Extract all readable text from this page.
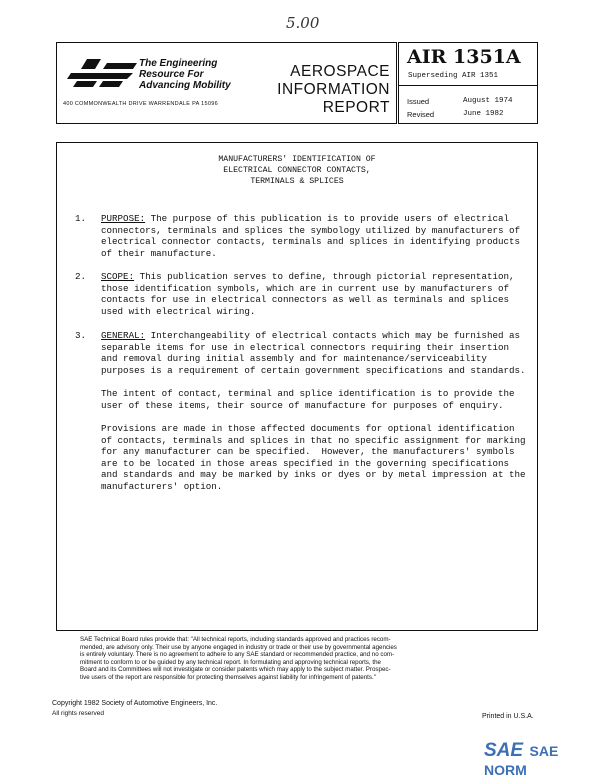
5.00
The Engineering
Resource For
Advancing Mobility
400 COMMONWEALTH DRIVE WARRENDALE PA 15096
AEROSPACE
INFORMATION
REPORT
AIR 1351A
Superseding AIR 1351
Issued	August 1974
Revised	June 1982
MANUFACTURERS' IDENTIFICATION OF
ELECTRICAL CONNECTOR CONTACTS,
TERMINALS & SPLICES
1. PURPOSE: The purpose of this publication is to provide users of electrical
connectors, terminals and splices the symbology utilized by manufacturers of
electrical connector contacts, terminals and splices in identifying products
of their manufacture.
2. SCOPE: This publication serves to define, through pictorial representation,
those identification symbols, which are in current use by manufacturers of
contacts for use in electrical connectors as well as terminals and splices
used with electrical wiring.
3. GENERAL: Interchangeability of electrical contacts which may be furnished as
separable items for use in electrical connectors requiring their insertion
and removal during initial assembly and for maintenance/serviceability
purposes is a requirement of certain government specifications and standards.
The intent of contact, terminal and splice identification is to provide the
user of these items, their source of manufacture for purposes of enquiry.
Provisions are made in those affected documents for optional identification
of contacts, terminals and splices in that no specific assignment for marking
for any manufacturer can be specified.  However, the manufacturers' symbols
are to be located in those areas specified in the governing specifications
and standards and may be marked by inks or dyes or by metal impression at the
manufacturers' option.
SAE Technical Board rules provide that: "All technical reports, including standards approved and practices recom-
mended, are advisory only. Their use by anyone engaged in industry or trade or their use by governmental agencies
is entirely voluntary. There is no agreement to adhere to any SAE standard or recommended practice, and no com-
mitment to conform to or be guided by any technical report. In formulating and approving technical reports, the
Board and its Committees will not investigate or consider patents which may apply to the subject matter. Prospec-
tive users of the report are responsible for protecting themselves against liability for infringement of patents."
Copyright 1982 Society of Automotive Engineers, Inc.
All rights reserved	Printed in U.S.A.
SAE SAE NORM
